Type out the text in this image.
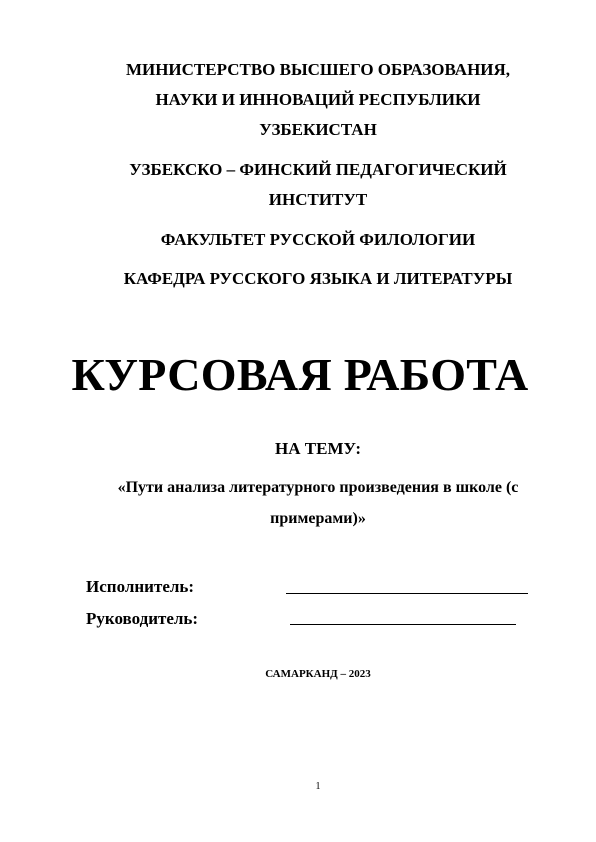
МИНИСТЕРСТВО ВЫСШЕГО ОБРАЗОВАНИЯ,
НАУКИ И ИННОВАЦИЙ РЕСПУБЛИКИ
УЗБЕКИСТАН
УЗБЕКСКО – ФИНСКИЙ ПЕДАГОГИЧЕСКИЙ
ИНСТИТУТ
ФАКУЛЬТЕТ РУССКОЙ ФИЛОЛОГИИ
КАФЕДРА РУССКОГО ЯЗЫКА И ЛИТЕРАТУРЫ
КУРСОВАЯ РАБОТА
НА ТЕМУ:
«Пути анализа литературного произведения в школе (с
примерами)»
Исполнитель:
Руководитель:
САМАРКАНД – 2023
1
